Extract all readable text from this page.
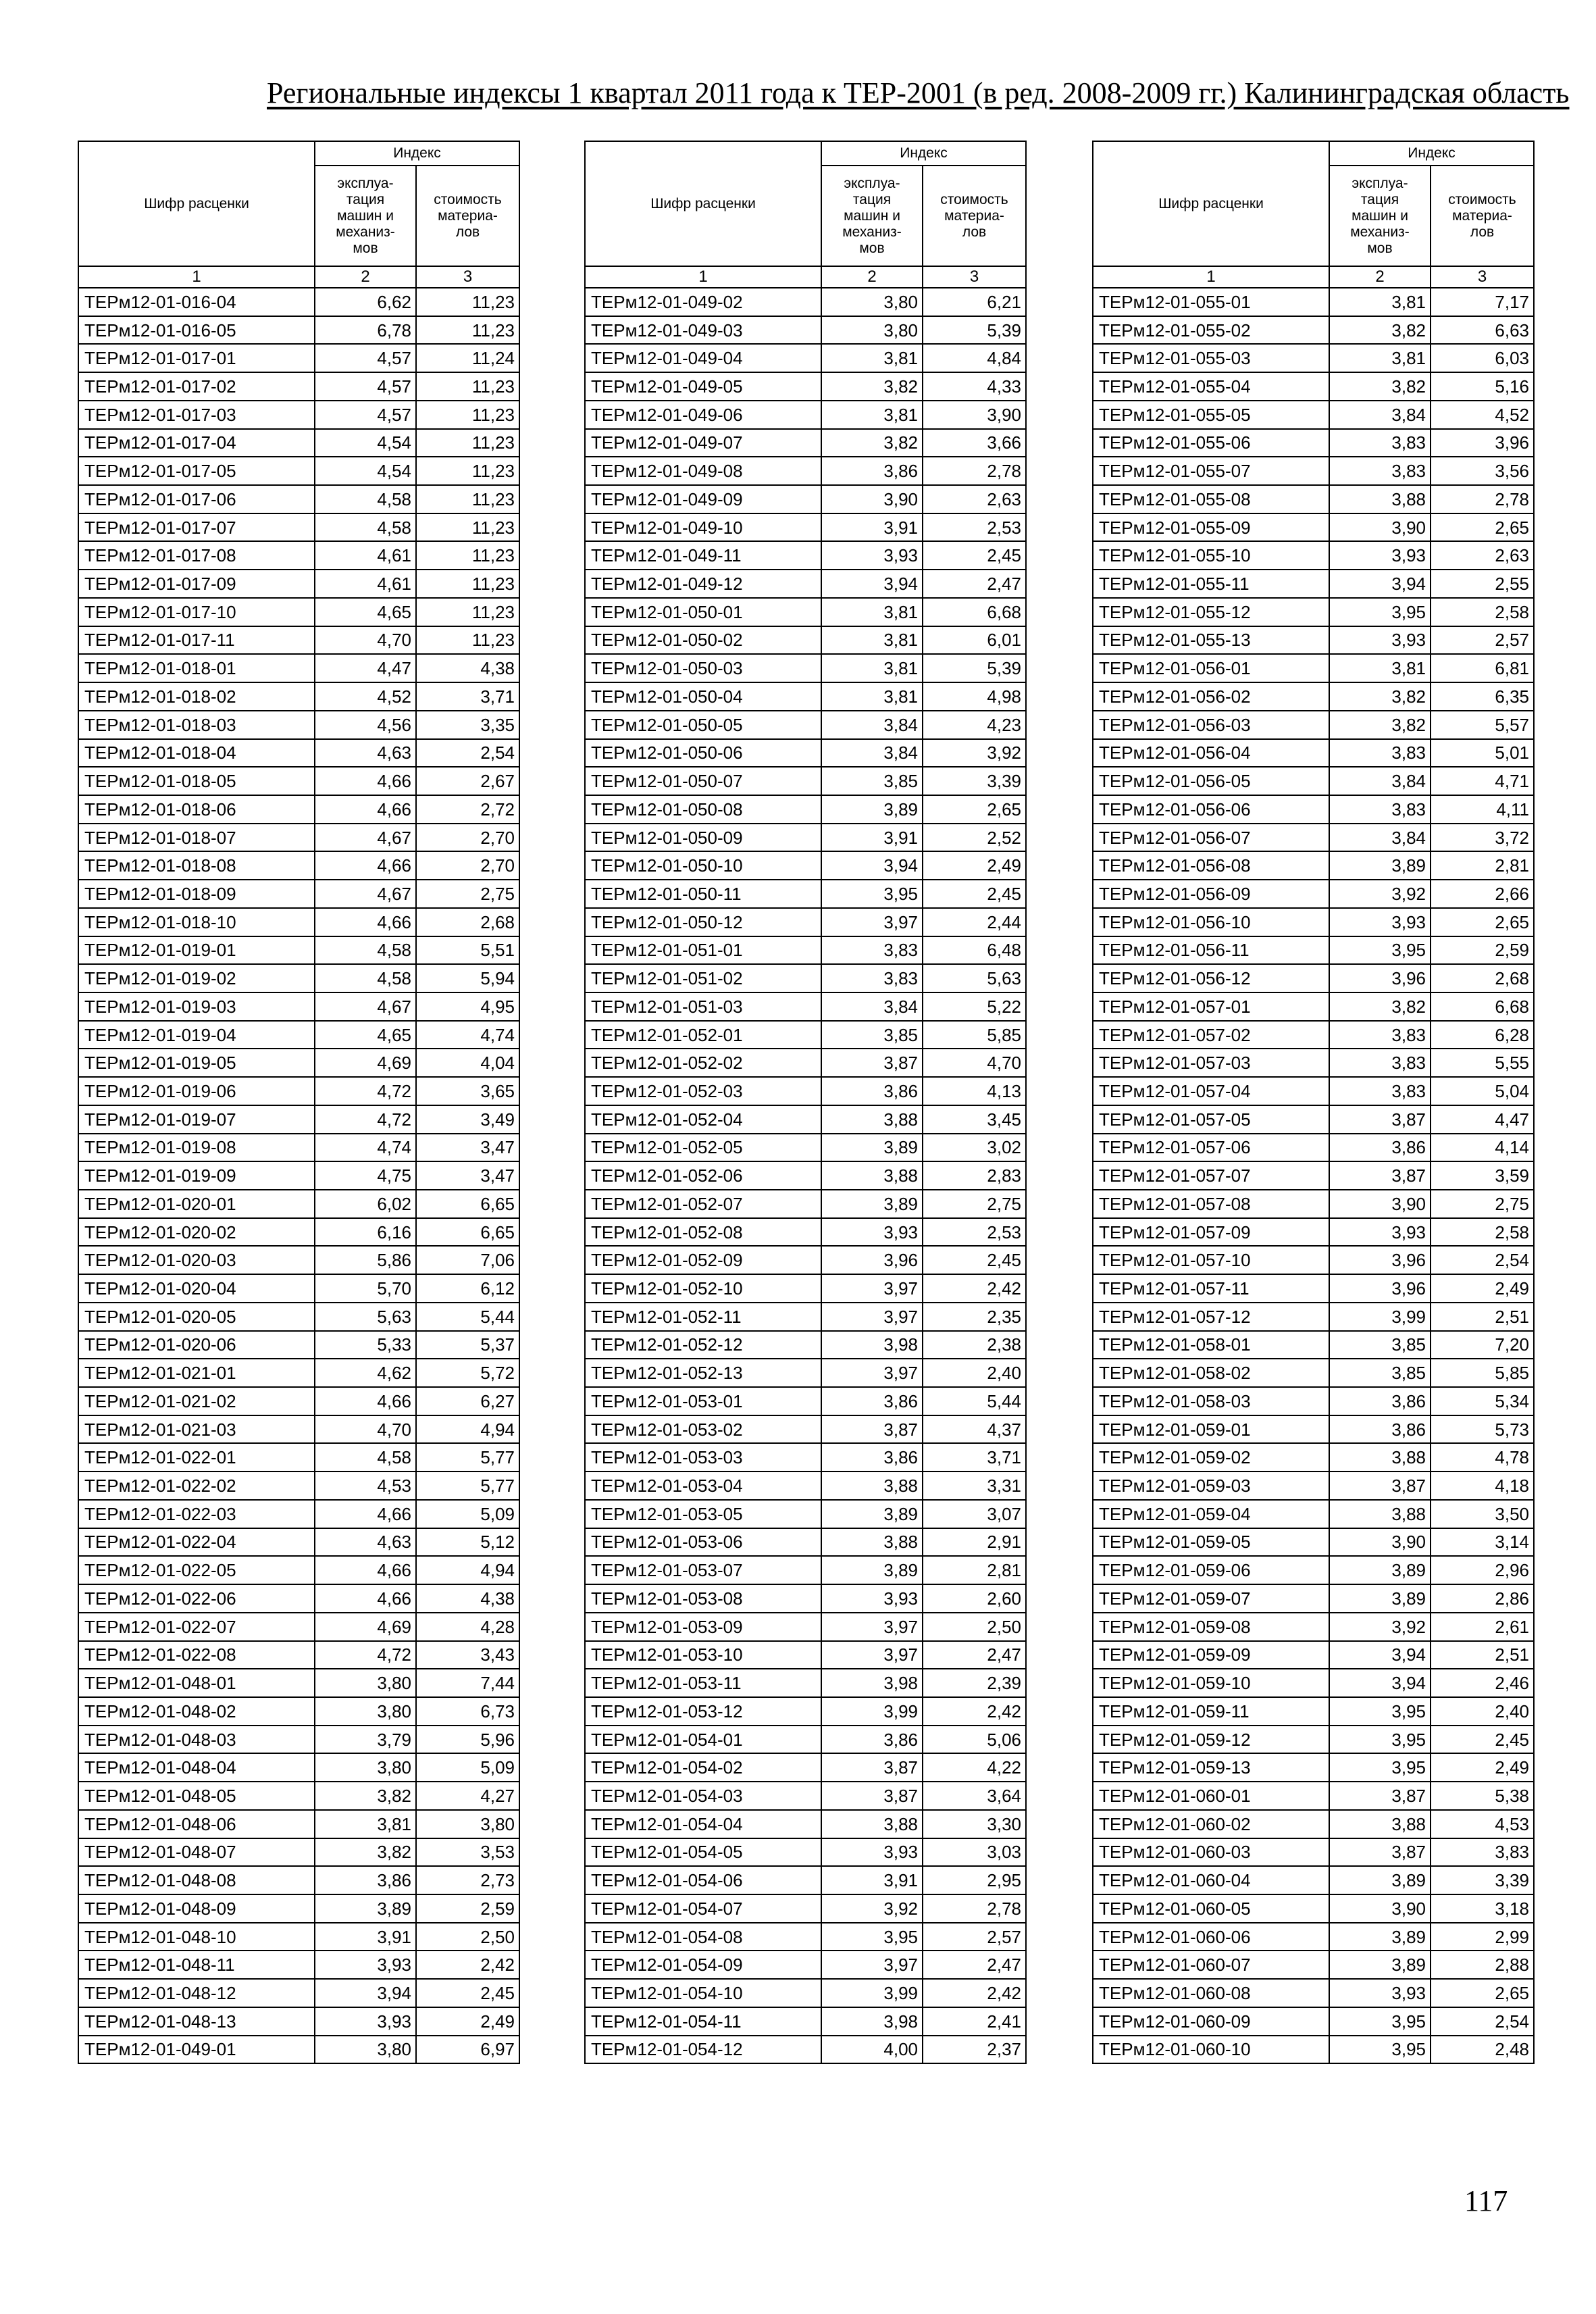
Региональные индексы 1 квартал 2011 года к ТЕР-2001 (в ред. 2008-2009 гг.) Калининградская область
Шифр расценки	Индекс	
	эксплуа-
тация
машин и
механиз-
мов	стоимость
материа-
лов
1	2	3
ТЕРм12-01-016-04	6,62	11,23
ТЕРм12-01-016-05	6,78	11,23
ТЕРм12-01-017-01	4,57	11,24
ТЕРм12-01-017-02	4,57	11,23
ТЕРм12-01-017-03	4,57	11,23
ТЕРм12-01-017-04	4,54	11,23
ТЕРм12-01-017-05	4,54	11,23
ТЕРм12-01-017-06	4,58	11,23
ТЕРм12-01-017-07	4,58	11,23
ТЕРм12-01-017-08	4,61	11,23
ТЕРм12-01-017-09	4,61	11,23
ТЕРм12-01-017-10	4,65	11,23
ТЕРм12-01-017-11	4,70	11,23
ТЕРм12-01-018-01	4,47	4,38
ТЕРм12-01-018-02	4,52	3,71
ТЕРм12-01-018-03	4,56	3,35
ТЕРм12-01-018-04	4,63	2,54
ТЕРм12-01-018-05	4,66	2,67
ТЕРм12-01-018-06	4,66	2,72
ТЕРм12-01-018-07	4,67	2,70
ТЕРм12-01-018-08	4,66	2,70
ТЕРм12-01-018-09	4,67	2,75
ТЕРм12-01-018-10	4,66	2,68
ТЕРм12-01-019-01	4,58	5,51
ТЕРм12-01-019-02	4,58	5,94
ТЕРм12-01-019-03	4,67	4,95
ТЕРм12-01-019-04	4,65	4,74
ТЕРм12-01-019-05	4,69	4,04
ТЕРм12-01-019-06	4,72	3,65
ТЕРм12-01-019-07	4,72	3,49
ТЕРм12-01-019-08	4,74	3,47
ТЕРм12-01-019-09	4,75	3,47
ТЕРм12-01-020-01	6,02	6,65
ТЕРм12-01-020-02	6,16	6,65
ТЕРм12-01-020-03	5,86	7,06
ТЕРм12-01-020-04	5,70	6,12
ТЕРм12-01-020-05	5,63	5,44
ТЕРм12-01-020-06	5,33	5,37
ТЕРм12-01-021-01	4,62	5,72
ТЕРм12-01-021-02	4,66	6,27
ТЕРм12-01-021-03	4,70	4,94
ТЕРм12-01-022-01	4,58	5,77
ТЕРм12-01-022-02	4,53	5,77
ТЕРм12-01-022-03	4,66	5,09
ТЕРм12-01-022-04	4,63	5,12
ТЕРм12-01-022-05	4,66	4,94
ТЕРм12-01-022-06	4,66	4,38
ТЕРм12-01-022-07	4,69	4,28
ТЕРм12-01-022-08	4,72	3,43
ТЕРм12-01-048-01	3,80	7,44
ТЕРм12-01-048-02	3,80	6,73
ТЕРм12-01-048-03	3,79	5,96
ТЕРм12-01-048-04	3,80	5,09
ТЕРм12-01-048-05	3,82	4,27
ТЕРм12-01-048-06	3,81	3,80
ТЕРм12-01-048-07	3,82	3,53
ТЕРм12-01-048-08	3,86	2,73
ТЕРм12-01-048-09	3,89	2,59
ТЕРм12-01-048-10	3,91	2,50
ТЕРм12-01-048-11	3,93	2,42
ТЕРм12-01-048-12	3,94	2,45
ТЕРм12-01-048-13	3,93	2,49
ТЕРм12-01-049-01	3,80	6,97
Шифр расценки	Индекс	
	эксплуа-
тация
машин и
механиз-
мов	стоимость
материа-
лов
1	2	3
ТЕРм12-01-049-02	3,80	6,21
ТЕРм12-01-049-03	3,80	5,39
ТЕРм12-01-049-04	3,81	4,84
ТЕРм12-01-049-05	3,82	4,33
ТЕРм12-01-049-06	3,81	3,90
ТЕРм12-01-049-07	3,82	3,66
ТЕРм12-01-049-08	3,86	2,78
ТЕРм12-01-049-09	3,90	2,63
ТЕРм12-01-049-10	3,91	2,53
ТЕРм12-01-049-11	3,93	2,45
ТЕРм12-01-049-12	3,94	2,47
ТЕРм12-01-050-01	3,81	6,68
ТЕРм12-01-050-02	3,81	6,01
ТЕРм12-01-050-03	3,81	5,39
ТЕРм12-01-050-04	3,81	4,98
ТЕРм12-01-050-05	3,84	4,23
ТЕРм12-01-050-06	3,84	3,92
ТЕРм12-01-050-07	3,85	3,39
ТЕРм12-01-050-08	3,89	2,65
ТЕРм12-01-050-09	3,91	2,52
ТЕРм12-01-050-10	3,94	2,49
ТЕРм12-01-050-11	3,95	2,45
ТЕРм12-01-050-12	3,97	2,44
ТЕРм12-01-051-01	3,83	6,48
ТЕРм12-01-051-02	3,83	5,63
ТЕРм12-01-051-03	3,84	5,22
ТЕРм12-01-052-01	3,85	5,85
ТЕРм12-01-052-02	3,87	4,70
ТЕРм12-01-052-03	3,86	4,13
ТЕРм12-01-052-04	3,88	3,45
ТЕРм12-01-052-05	3,89	3,02
ТЕРм12-01-052-06	3,88	2,83
ТЕРм12-01-052-07	3,89	2,75
ТЕРм12-01-052-08	3,93	2,53
ТЕРм12-01-052-09	3,96	2,45
ТЕРм12-01-052-10	3,97	2,42
ТЕРм12-01-052-11	3,97	2,35
ТЕРм12-01-052-12	3,98	2,38
ТЕРм12-01-052-13	3,97	2,40
ТЕРм12-01-053-01	3,86	5,44
ТЕРм12-01-053-02	3,87	4,37
ТЕРм12-01-053-03	3,86	3,71
ТЕРм12-01-053-04	3,88	3,31
ТЕРм12-01-053-05	3,89	3,07
ТЕРм12-01-053-06	3,88	2,91
ТЕРм12-01-053-07	3,89	2,81
ТЕРм12-01-053-08	3,93	2,60
ТЕРм12-01-053-09	3,97	2,50
ТЕРм12-01-053-10	3,97	2,47
ТЕРм12-01-053-11	3,98	2,39
ТЕРм12-01-053-12	3,99	2,42
ТЕРм12-01-054-01	3,86	5,06
ТЕРм12-01-054-02	3,87	4,22
ТЕРм12-01-054-03	3,87	3,64
ТЕРм12-01-054-04	3,88	3,30
ТЕРм12-01-054-05	3,93	3,03
ТЕРм12-01-054-06	3,91	2,95
ТЕРм12-01-054-07	3,92	2,78
ТЕРм12-01-054-08	3,95	2,57
ТЕРм12-01-054-09	3,97	2,47
ТЕРм12-01-054-10	3,99	2,42
ТЕРм12-01-054-11	3,98	2,41
ТЕРм12-01-054-12	4,00	2,37
Шифр расценки	Индекс	
	эксплуа-
тация
машин и
механиз-
мов	стоимость
материа-
лов
1	2	3
ТЕРм12-01-055-01	3,81	7,17
ТЕРм12-01-055-02	3,82	6,63
ТЕРм12-01-055-03	3,81	6,03
ТЕРм12-01-055-04	3,82	5,16
ТЕРм12-01-055-05	3,84	4,52
ТЕРм12-01-055-06	3,83	3,96
ТЕРм12-01-055-07	3,83	3,56
ТЕРм12-01-055-08	3,88	2,78
ТЕРм12-01-055-09	3,90	2,65
ТЕРм12-01-055-10	3,93	2,63
ТЕРм12-01-055-11	3,94	2,55
ТЕРм12-01-055-12	3,95	2,58
ТЕРм12-01-055-13	3,93	2,57
ТЕРм12-01-056-01	3,81	6,81
ТЕРм12-01-056-02	3,82	6,35
ТЕРм12-01-056-03	3,82	5,57
ТЕРм12-01-056-04	3,83	5,01
ТЕРм12-01-056-05	3,84	4,71
ТЕРм12-01-056-06	3,83	4,11
ТЕРм12-01-056-07	3,84	3,72
ТЕРм12-01-056-08	3,89	2,81
ТЕРм12-01-056-09	3,92	2,66
ТЕРм12-01-056-10	3,93	2,65
ТЕРм12-01-056-11	3,95	2,59
ТЕРм12-01-056-12	3,96	2,68
ТЕРм12-01-057-01	3,82	6,68
ТЕРм12-01-057-02	3,83	6,28
ТЕРм12-01-057-03	3,83	5,55
ТЕРм12-01-057-04	3,83	5,04
ТЕРм12-01-057-05	3,87	4,47
ТЕРм12-01-057-06	3,86	4,14
ТЕРм12-01-057-07	3,87	3,59
ТЕРм12-01-057-08	3,90	2,75
ТЕРм12-01-057-09	3,93	2,58
ТЕРм12-01-057-10	3,96	2,54
ТЕРм12-01-057-11	3,96	2,49
ТЕРм12-01-057-12	3,99	2,51
ТЕРм12-01-058-01	3,85	7,20
ТЕРм12-01-058-02	3,85	5,85
ТЕРм12-01-058-03	3,86	5,34
ТЕРм12-01-059-01	3,86	5,73
ТЕРм12-01-059-02	3,88	4,78
ТЕРм12-01-059-03	3,87	4,18
ТЕРм12-01-059-04	3,88	3,50
ТЕРм12-01-059-05	3,90	3,14
ТЕРм12-01-059-06	3,89	2,96
ТЕРм12-01-059-07	3,89	2,86
ТЕРм12-01-059-08	3,92	2,61
ТЕРм12-01-059-09	3,94	2,51
ТЕРм12-01-059-10	3,94	2,46
ТЕРм12-01-059-11	3,95	2,40
ТЕРм12-01-059-12	3,95	2,45
ТЕРм12-01-059-13	3,95	2,49
ТЕРм12-01-060-01	3,87	5,38
ТЕРм12-01-060-02	3,88	4,53
ТЕРм12-01-060-03	3,87	3,83
ТЕРм12-01-060-04	3,89	3,39
ТЕРм12-01-060-05	3,90	3,18
ТЕРм12-01-060-06	3,89	2,99
ТЕРм12-01-060-07	3,89	2,88
ТЕРм12-01-060-08	3,93	2,65
ТЕРм12-01-060-09	3,95	2,54
ТЕРм12-01-060-10	3,95	2,48
117
